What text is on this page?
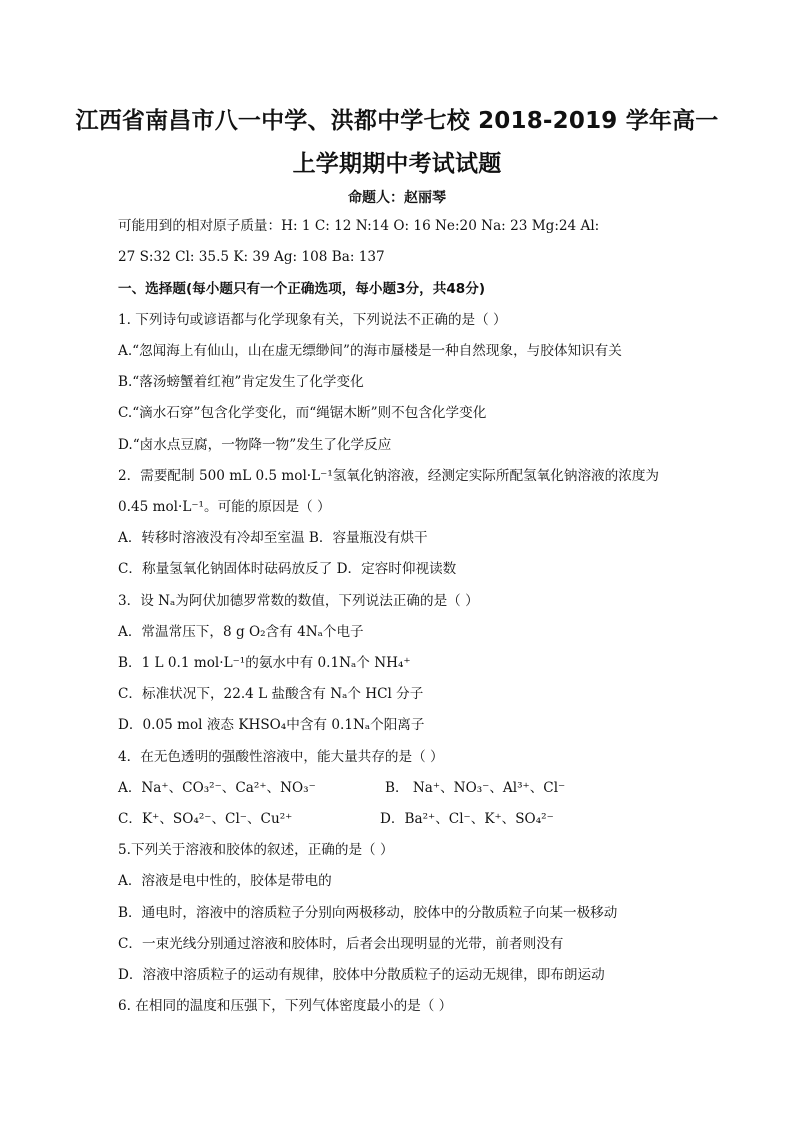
江西省南昌市八一中学、洪都中学七校 2018-2019 学年高一
上学期期中考试试题
命题人：赵丽琴
可能用到的相对原子质量：H: 1 C: 12 N:14 O: 16 Ne:20 Na: 23 Mg:24 Al:
27 S:32 Cl: 35.5 K: 39 Ag: 108 Ba: 137
一、选择题(每小题只有一个正确选项，每小题3分，共48分)
1. 下列诗句或谚语都与化学现象有关，下列说法不正确的是（ ）
A.“忽闻海上有仙山，山在虚无缥缈间”的海市蜃楼是一种自然现象，与胶体知识有关
B.“落汤螃蟹着红袍”肯定发生了化学变化
C.“滴水石穿”包含化学变化，而“绳锯木断”则不包含化学变化
D.“卤水点豆腐，一物降一物”发生了化学反应
2．需要配制 500 mL 0.5 mol·L⁻¹氢氧化钠溶液，经测定实际所配氢氧化钠溶液的浓度为
0.45 mol·L⁻¹。可能的原因是（ ）
A．转移时溶液没有冷却至室温 B．容量瓶没有烘干
C．称量氢氧化钠固体时砝码放反了 D．定容时仰视读数
3．设 Nₐ为阿伏加德罗常数的数值，下列说法正确的是（ ）
A．常温常压下，8 g O₂含有 4Nₐ个电子
B．1 L 0.1 mol·L⁻¹的氨水中有 0.1Nₐ个 NH₄⁺
C．标准状况下，22.4 L 盐酸含有 Nₐ个 HCl 分子
D．0.05 mol 液态 KHSO₄中含有 0.1Nₐ个阳离子
4．在无色透明的强酸性溶液中，能大量共存的是（ ）
A．Na⁺、CO₃²⁻、Ca²⁺、NO₃⁻	B． Na⁺、NO₃⁻、Al³⁺、Cl⁻
C．K⁺、SO₄²⁻、Cl⁻、Cu²⁺	D．Ba²⁺、Cl⁻、K⁺、SO₄²⁻
5.下列关于溶液和胶体的叙述，正确的是（ ）
A．溶液是电中性的，胶体是带电的
B．通电时，溶液中的溶质粒子分别向两极移动，胶体中的分散质粒子向某一极移动
C．一束光线分别通过溶液和胶体时，后者会出现明显的光带，前者则没有
D．溶液中溶质粒子的运动有规律，胶体中分散质粒子的运动无规律，即布朗运动
6. 在相同的温度和压强下，下列气体密度最小的是（ ）
